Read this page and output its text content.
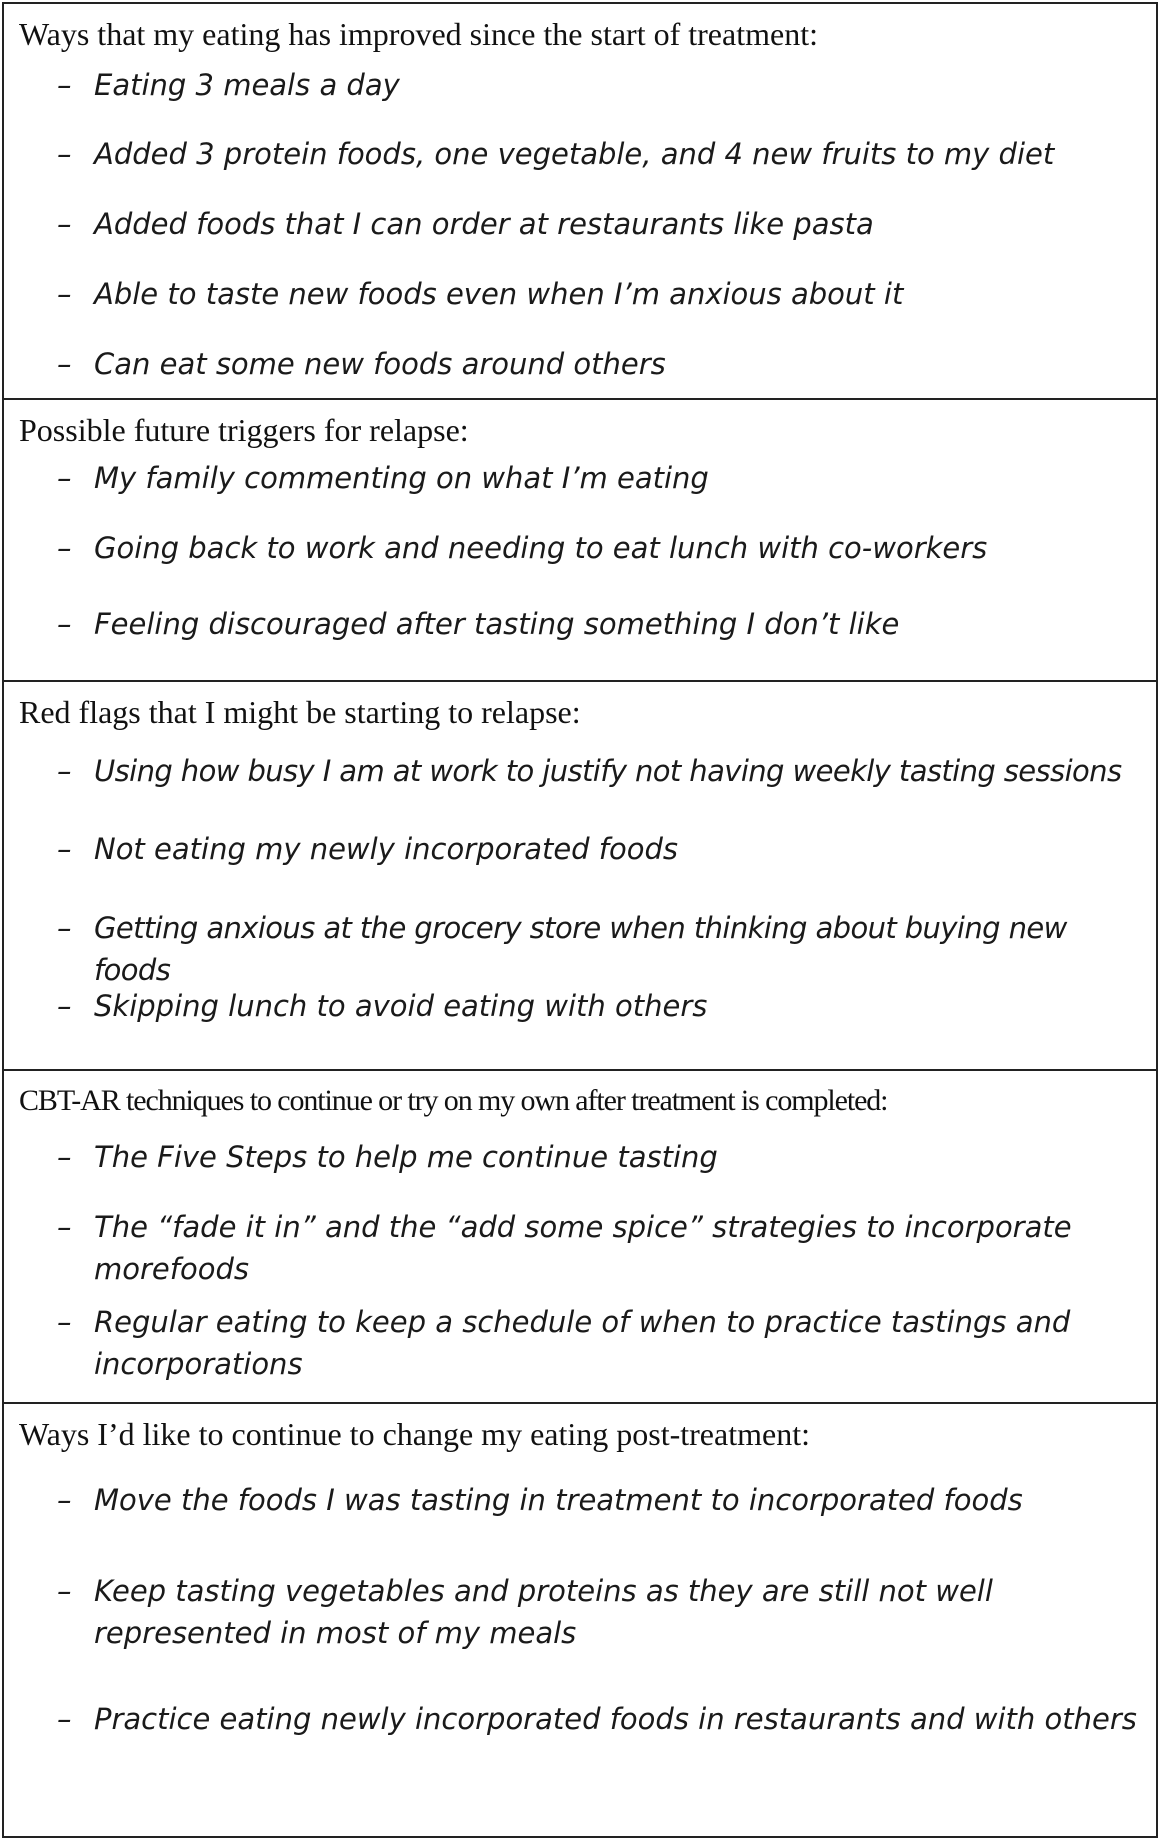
Ways that my eating has improved since the start of treatment:
– Eating 3 meals a day
– Added 3 protein foods, one vegetable, and 4 new fruits to my diet
– Added foods that I can order at restaurants like pasta
– Able to taste new foods even when I’m anxious about it
– Can eat some new foods around others
Possible future triggers for relapse:
– My family commenting on what I’m eating
– Going back to work and needing to eat lunch with co-workers
– Feeling discouraged after tasting something I don’t like
Red flags that I might be starting to relapse:
– Using how busy I am at work to justify not having weekly tasting sessions
– Not eating my newly incorporated foods
– Getting anxious at the grocery store when thinking about buying new foods
– Skipping lunch to avoid eating with others
CBT-AR techniques to continue or try on my own after treatment is completed:
– The Five Steps to help me continue tasting
– The “fade it in” and the “add some spice” strategies to incorporate morefoods
– Regular eating to keep a schedule of when to practice tastings and incorporations
Ways I’d like to continue to change my eating post-treatment:
– Move the foods I was tasting in treatment to incorporated foods
– Keep tasting vegetables and proteins as they are still not well represented in most of my meals
– Practice eating newly incorporated foods in restaurants and with others
